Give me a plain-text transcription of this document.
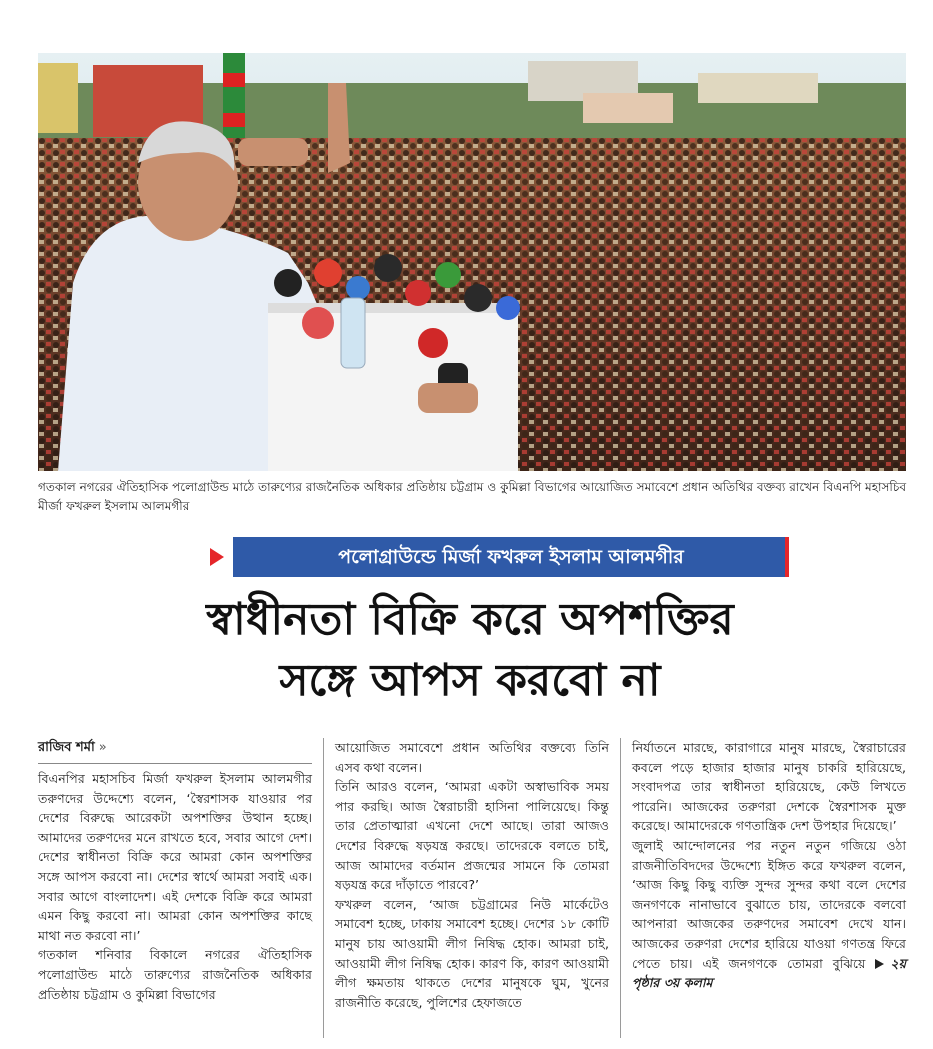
গতকাল নগরের ঐতিহাসিক পলোগ্রাউন্ড মাঠে তারুণ্যের রাজনৈতিক অধিকার প্রতিষ্ঠায় চট্টগ্রাম ও কুমিল্লা বিভাগের আয়োজিত সমাবেশে প্রধান অতিথির বক্তব্য রাখেন বিএনপি মহাসচিব মীর্জা ফখরুল ইসলাম আলমগীর
পলোগ্রাউন্ডে মির্জা ফখরুল ইসলাম আলমগীর
স্বাধীনতা বিক্রি করে অপশক্তির
সঙ্গে আপস করবো না
রাজিব শর্মা »

বিএনপির মহাসচিব মির্জা ফখরুল ইসলাম আলমগীর তরুণদের উদ্দেশ্যে বলেন, ‘স্বৈরশাসক যাওয়ার পর দেশের বিরুদ্ধে আরেকটা অপশক্তির উত্থান হচ্ছে। আমাদের তরুণদের মনে রাখতে হবে, সবার আগে দেশ। দেশের স্বাধীনতা বিক্রি করে আমরা কোন অপশক্তির সঙ্গে আপস করবো না। দেশের স্বার্থে আমরা সবাই এক। সবার আগে বাংলাদেশ। এই দেশকে বিক্রি করে আমরা এমন কিছু করবো না। আমরা কোন অপশক্তির কাছে মাথা নত করবো না।’

গতকাল শনিবার বিকালে নগরের ঐতিহাসিক পলোগ্রাউন্ড মাঠে তারুণ্যের রাজনৈতিক অধিকার প্রতিষ্ঠায় চট্টগ্রাম ও কুমিল্লা বিভাগের

আয়োজিত সমাবেশে প্রধান অতিথির বক্তব্যে তিনি এসব কথা বলেন।

তিনি আরও বলেন, ‘আমরা একটা অস্বাভাবিক সময় পার করছি। আজ স্বৈরাচারী হাসিনা পালিয়েছে। কিন্তু তার প্রেতাত্মারা এখনো দেশে আছে। তারা আজও দেশের বিরুদ্ধে ষড়যন্ত্র করছে। তাদেরকে বলতে চাই, আজ আমাদের বর্তমান প্রজন্মের সামনে কি তোমরা ষড়যন্ত্র করে দাঁড়াতে পারবে?’

ফখরুল বলেন, ‘আজ চট্টগ্রামের নিউ মার্কেটেও সমাবেশ হচ্ছে, ঢাকায় সমাবেশ হচ্ছে। দেশের ১৮ কোটি মানুষ চায় আওয়ামী লীগ নিষিদ্ধ হোক। আমরা চাই, আওয়ামী লীগ নিষিদ্ধ হোক। কারণ কি, কারণ আওয়ামী লীগ ক্ষমতায় থাকতে দেশের মানুষকে ঘুম, খুনের রাজনীতি করেছে, পুলিশের হেফাজতে

নির্যাতনে মারছে, কারাগারে মানুষ মারছে, স্বৈরাচারের কবলে পড়ে হাজার হাজার মানুষ চাকরি হারিয়েছে, সংবাদপত্র তার স্বাধীনতা হারিয়েছে, কেউ লিখতে পারেনি। আজকের তরুণরা দেশকে স্বৈরশাসক মুক্ত করেছে। আমাদেরকে গণতান্ত্রিক দেশ উপহার দিয়েছে।’

জুলাই আন্দোলনের পর নতুন নতুন গজিয়ে ওঠা রাজনীতিবিদদের উদ্দেশ্যে ইঙ্গিত করে ফখরুল বলেন, ‘আজ কিছু কিছু ব্যক্তি সুন্দর সুন্দর কথা বলে দেশের জনগণকে নানাভাবে বুঝাতে চায়, তাদেরকে বলবো আপনারা আজকের তরুণদের সমাবেশ দেখে যান। আজকের তরুণরা দেশের হারিয়ে যাওয়া গণতন্ত্র ফিরে পেতে চায়। এই জনগণকে তোমরা বুঝিয়ে ২য় পৃষ্ঠার ৩য় কলাম
